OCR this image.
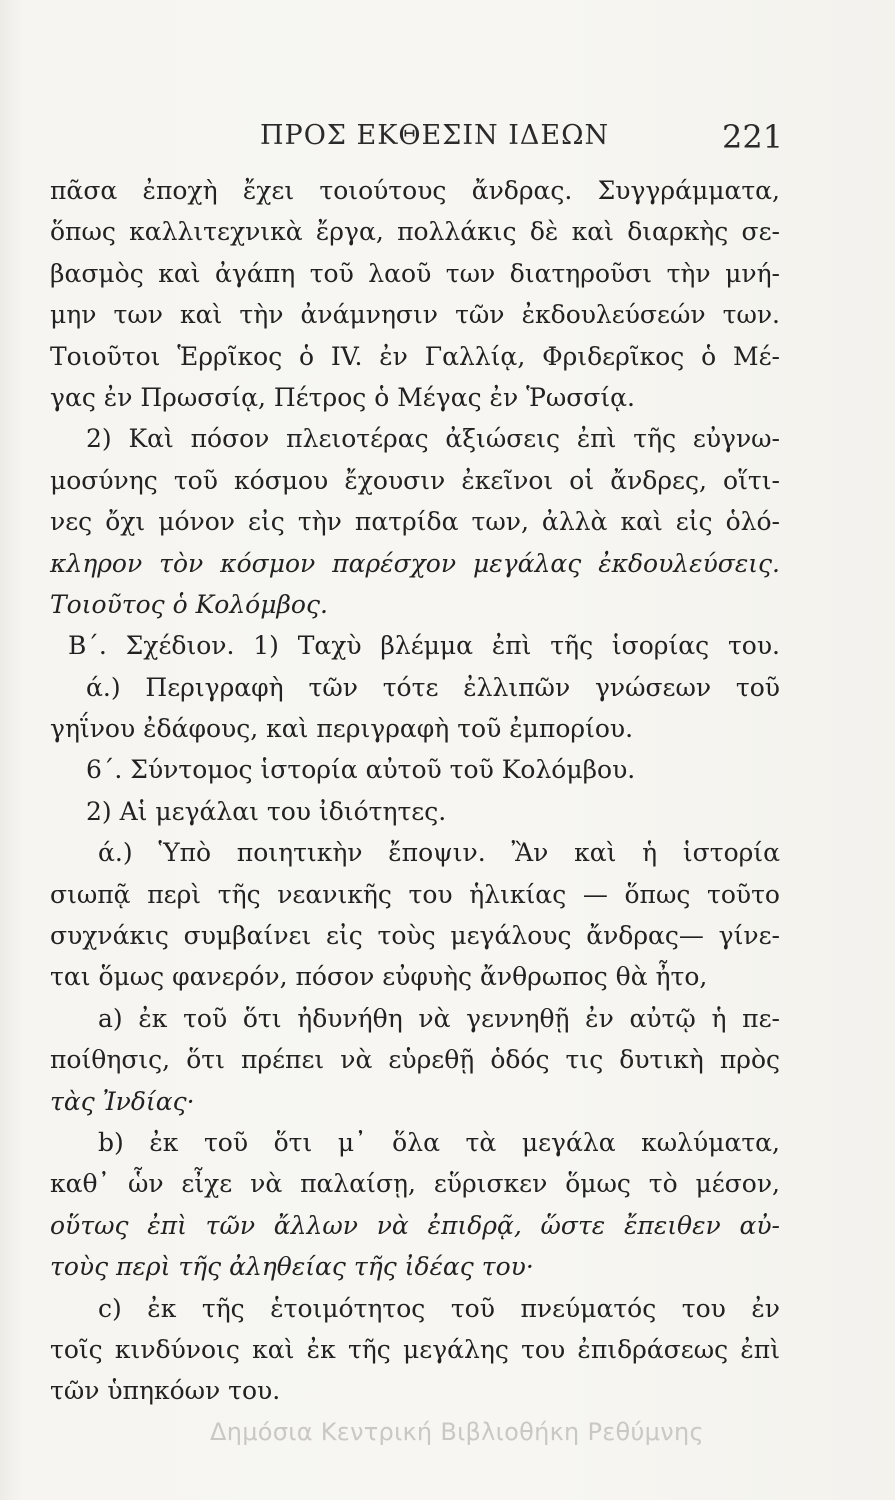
ΠΡΟΣ ΕΚΘΕΣΙΝ ΙΔΕΩΝ	221
πᾶσα ἐποχὴ ἔχει τοιούτους ἄνδρας. Συγγράμματα,
ὅπως καλλιτεχνικὰ ἔργα, πολλάκις δὲ καὶ διαρκὴς σε-
βασμὸς καὶ ἀγάπη τοῦ λαοῦ των διατηροῦσι τὴν μνή-
μην των καὶ τὴν ἀνάμνησιν τῶν ἐκδουλεύσεών των.
Τοιοῦτοι Ἑρρῖκος ὁ IV. ἐν Γαλλίᾳ, Φριδερῖκος ὁ Μέ-
γας ἐν Πρωσσίᾳ, Πέτρος ὁ Μέγας ἐν Ῥωσσίᾳ.
2) Καὶ πόσον πλειοτέρας ἀξιώσεις ἐπὶ τῆς εὐγνω-
μοσύνης τοῦ κόσμου ἔχουσιν ἐκεῖνοι οἱ ἄνδρες, οἵτι-
νες ὄχι μόνον εἰς τὴν πατρίδα των, ἀλλὰ καὶ εἰς ὁλό-
κληρον τὸν κόσμον παρέσχον μεγάλας ἐκδουλεύσεις.
Τοιοῦτος ὁ Κολόμβος.
Β΄. Σχέδιον. 1) Ταχὺ βλέμμα ἐπὶ τῆς ἱσορίας του.
ά.) Περιγραφὴ τῶν τότε ἐλλιπῶν γνώσεων τοῦ
γηΐνου ἐδάφους, καὶ περιγραφὴ τοῦ ἐμπορίου.
6΄. Σύντομος ἱστορία αὐτοῦ τοῦ Κολόμβου.
2) Αἱ μεγάλαι του ἰδιότητες.
ά.) Ὑπὸ ποιητικὴν ἔποψιν. Ἂν καὶ ἡ ἱστορία
σιωπᾷ περὶ τῆς νεανικῆς του ἡλικίας — ὅπως τοῦτο
συχνάκις συμβαίνει εἰς τοὺς μεγάλους ἄνδρας— γίνε-
ται ὅμως φανερόν, πόσον εὐφυὴς ἄνθρωπος θὰ ἦτο,
a) ἐκ τοῦ ὅτι ἠδυνήθη νὰ γεννηθῇ ἐν αὐτῷ ἡ πε-
ποίθησις, ὅτι πρέπει νὰ εὑρεθῇ ὁδός τις δυτικὴ πρὸς
τὰς Ἰνδίας·
b) ἐκ τοῦ ὅτι μ᾽ ὅλα τὰ μεγάλα κωλύματα,
καθ᾽ ὧν εἶχε νὰ παλαίσῃ, εὕρισκεν ὅμως τὸ μέσον,
οὕτως ἐπὶ τῶν ἄλλων νὰ ἐπιδρᾷ, ὥστε ἔπειθεν αὐ-
τοὺς περὶ τῆς ἀληθείας τῆς ἰδέας του·
c) ἐκ τῆς ἑτοιμότητος τοῦ πνεύματός του ἐν
τοῖς κινδύνοις καὶ ἐκ τῆς μεγάλης του ἐπιδράσεως ἐπὶ
τῶν ὑπηκόων του.
Δημόσια Κεντρική Βιβλιοθήκη Ρεθύμνης
